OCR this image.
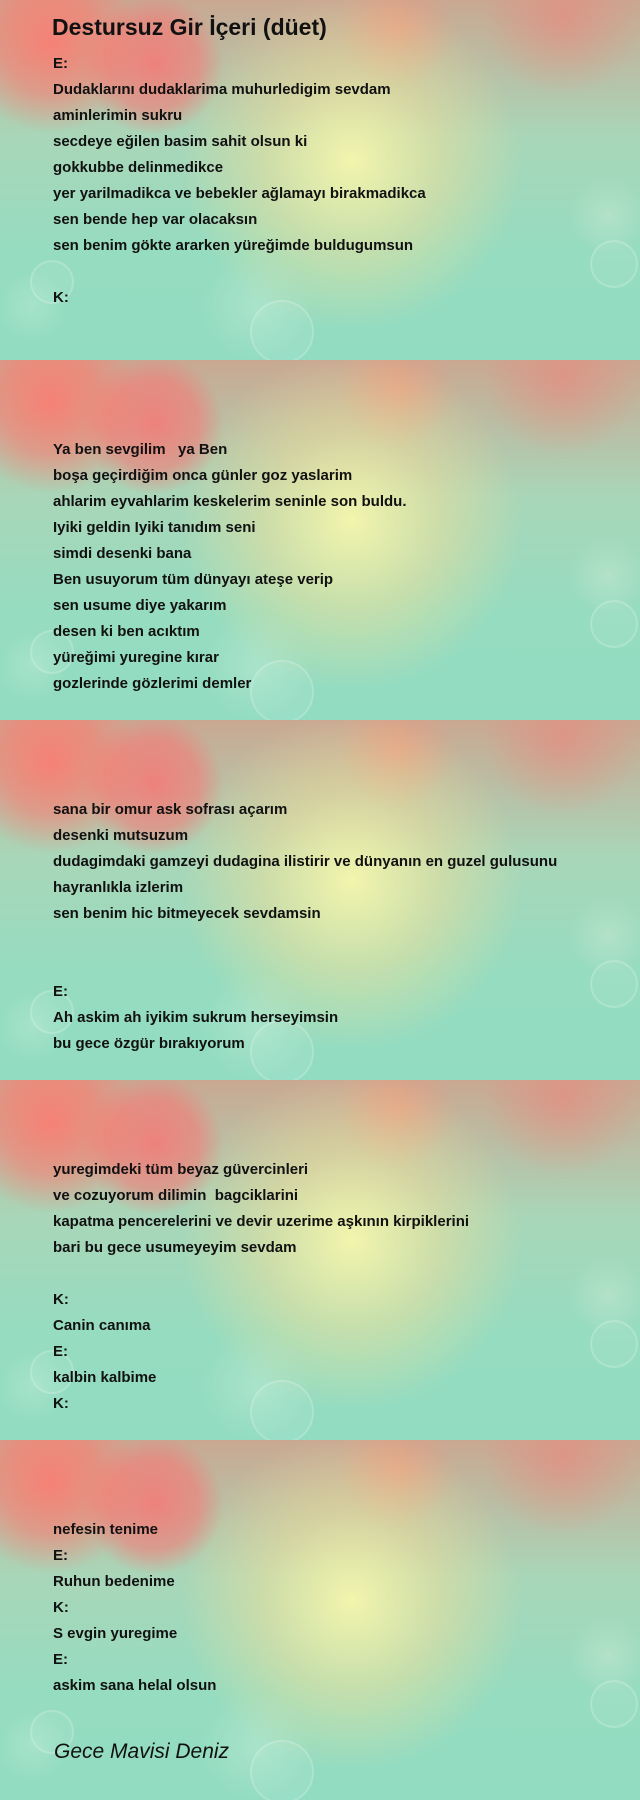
Destursuz Gir İçeri (düet)
E:
Dudaklarını dudaklarima muhurledigim sevdam
aminlerimin sukru
secdeye eğilen basim sahit olsun ki
gokkubbe delinmedikce
yer yarilmadikca ve bebekler ağlamayı birakmadikca
sen bende hep var olacaksın
sen benim gökte ararken yüreğimde buldugumsun
K:
Ya ben sevgilim   ya Ben
boşa geçirdiğim onca günler goz yaslarim
ahlarim eyvahlarim keskelerim seninle son buldu.
Iyiki geldin Iyiki tanıdım seni
simdi desenki bana
Ben usuyorum tüm dünyayı ateşe verip
sen usume diye yakarım
desen ki ben acıktım
yüreğimi yuregine kırar
gozlerinde gözlerimi demler
sana bir omur ask sofrası açarım
desenki mutsuzum
dudagimdaki gamzeyi dudagina ilistirir ve dünyanın en guzel gulusunu
hayranlıkla izlerim
sen benim hic bitmeyecek sevdamsin
E:
Ah askim ah iyikim sukrum herseyimsin
bu gece özgür bırakıyorum
yuregimdeki tüm beyaz güvercinleri
ve cozuyorum dilimin  bagciklarini
kapatma pencerelerini ve devir uzerime aşkının kirpiklerini
bari bu gece usumeyeyim sevdam
K:
Canin canıma
E:
kalbin kalbime
K:
nefesin tenime
E:
Ruhun bedenime
K:
S evgin yuregime
E:
askim sana helal olsun
Gece Mavisi Deniz
